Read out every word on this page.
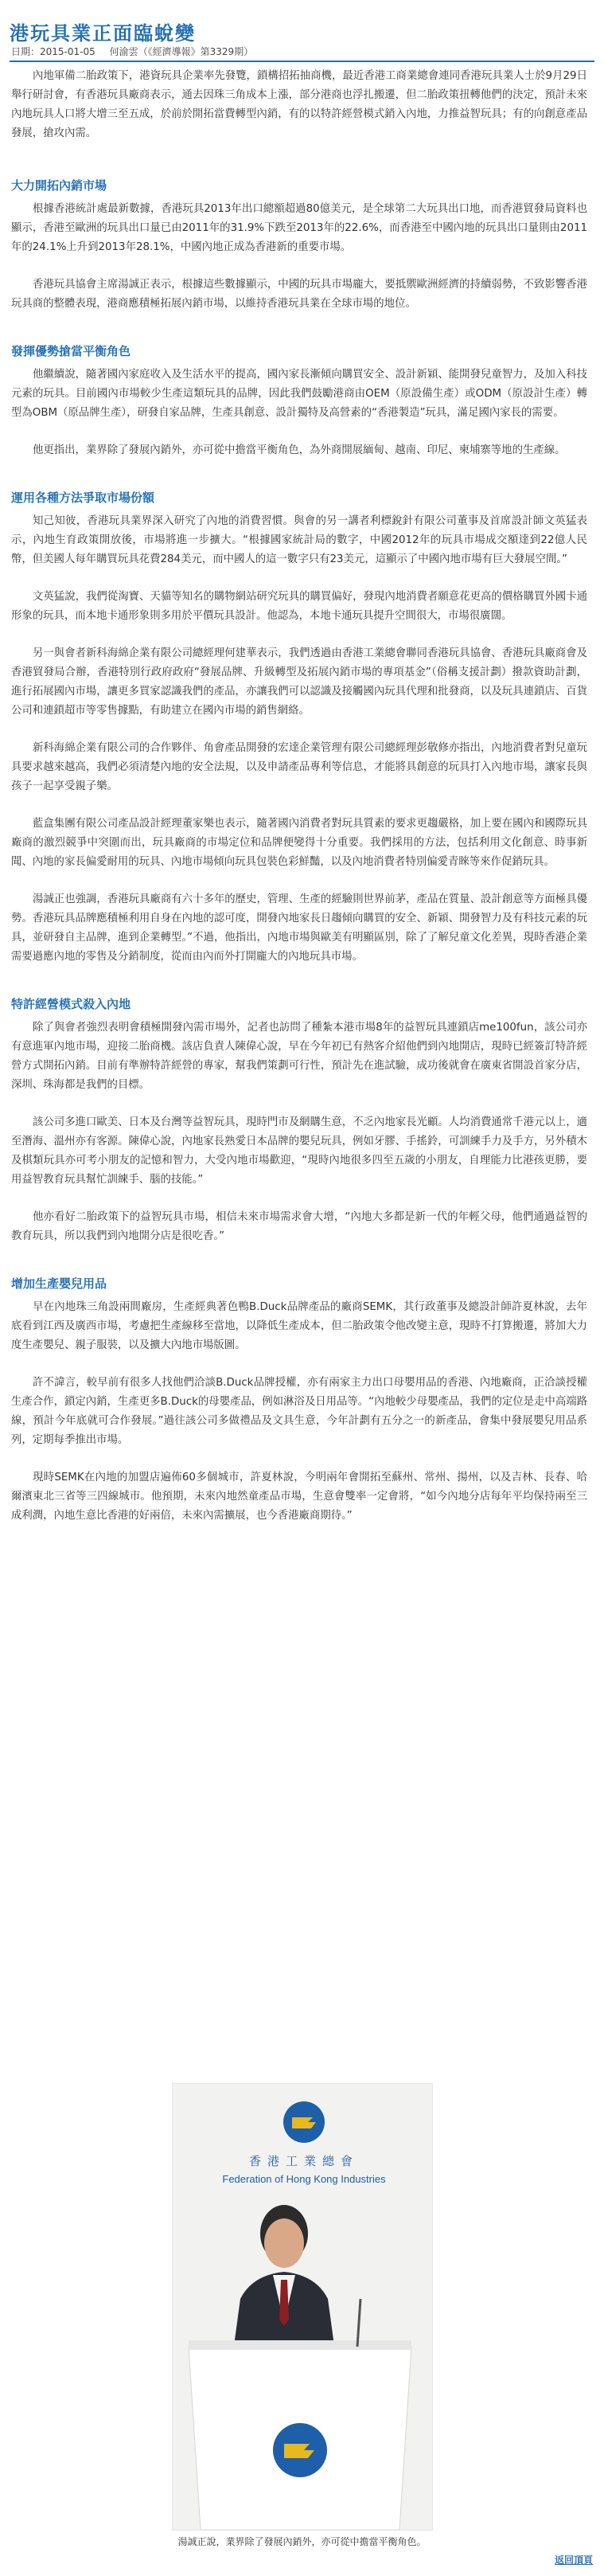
港玩具業正面臨蛻變
日期：2015-01-05 何渝雲（《經濟導報》第3329期）

內地軍備二胎政策下，港資玩具企業率先發覽，鎖構招拓抽商機，最近香港工商業總會連同香港玩具業人士於9月29日舉行研討會，有香港玩具廠商表示，通去因珠三角成本上漲，部分港商也浮扎搬遷，但二胎政策扭轉他們的決定，預計未來內地玩具人口將大增三至五成，於前於開拓當費轉型內銷，有的以特許經營模式銷入內地，力推益智玩具；有的向創意產品發展，搶攻內需。

大力開拓內銷市場

根據香港統計處最新數據，香港玩具2013年出口總額超過80億美元，是全球第二大玩具出口地，而香港貿發局資料也顯示，香港至歐洲的玩具出口量已由2011年的31.9%下跌至2013年的22.6%，而香港至中國內地的玩具出口量則由2011年的24.1%上升到2013年28.1%，中國內地正成為香港新的重要市場。

香港玩具協會主席湯誠正表示，根據這些數據顯示，中國的玩具市場龐大，要抵禦歐洲經濟的持續弱勢，不致影響香港玩具商的整體表現，港商應積極拓展內銷市場，以維持香港玩具業在全球市場的地位。

發揮優勢搶當平衡角色

他繼續說，隨著國內家庭收入及生活水平的提高，國內家長漸傾向購買安全、設計新穎、能開發兒童智力，及加入科技元素的玩具。目前國內市場較少生產這類玩具的品牌，因此我們鼓勵港商由OEM（原設備生產）或ODM（原設計生產）轉型為OBM（原品牌生產），研發自家品牌，生產具創意、設計獨特及高營素的“香港製造”玩具，滿足國內家長的需要。

他更指出，業界除了發展內銷外，亦可從中擔當平衡角色，為外商開展緬甸、越南、印尼、柬埔寨等地的生產線。

運用各種方法爭取市場份額

知己知彼，香港玩具業界深入研究了內地的消費習慣。與會的另一講者利標銳針有限公司董事及首席設計師文英猛表示，內地生育政策開放後，市場將進一步擴大。“根據國家統計局的數字，中國2012年的玩具市場成交額達到22億人民幣，但美國人每年購買玩具花費284美元，而中國人的這一數字只有23美元，這顯示了中國內地市場有巨大發展空間。”

文英猛說，我們從淘寶、天貓等知名的購物網站研究玩具的購買偏好，發現內地消費者願意花更高的價格購買外國卡通形象的玩具，而本地卡通形象則多用於平價玩具設計。他認為，本地卡通玩具提升空間很大，市場很廣闊。

另一與會者新科海綿企業有限公司總經理何建華表示，我們透過由香港工業總會聯同香港玩具協會、香港玩具廠商會及香港貿發局合辦，香港特別行政府政府“發展品牌、升級轉型及拓展內銷市場的專項基金”（俗稱支援計劃）撥款資助計劃，進行拓展國內市場，讓更多買家認識我們的產品，亦讓我們可以認識及接觸國內玩具代理和批發商，以及玩具連鎖店、百貨公司和連鎖超市等零售據點，有助建立在國內市場的銷售網絡。

新科海綿企業有限公司的合作夥伴、角會產品開發的宏達企業管理有限公司總經理彭敬修亦指出，內地消費者對兒童玩具要求越來越高，我們必須清楚內地的安全法規，以及申請產品專利等信息，才能將具創意的玩具打入內地市場，讓家長與孩子一起享受親子樂。

藍盒集團有限公司產品設計經理董家樂也表示，隨著國內消費者對玩具質素的要求更趨嚴格，加上要在國內和國際玩具廠商的激烈競爭中突圍而出，玩具廠商的市場定位和品牌便變得十分重要。我們採用的方法，包括利用文化創意、時事新聞、內地的家長偏愛耐用的玩具、內地市場傾向玩具包裝色彩鮮豔，以及內地消費者特別偏愛青睞等來作促銷玩具。

湯誠正也強調，香港玩具廠商有六十多年的歷史，管理、生產的經驗則世界前茅，產品在質量、設計創意等方面極具優勢。香港玩具品牌應積極利用自身在內地的認可度，開發內地家長日趨傾向購買的安全、新穎、開發智力及有科技元素的玩具，並研發自主品牌，進到企業轉型。”不過，他指出，內地市場與歐美有明顯區別，除了了解兒童文化差異，現時香港企業需要過應內地的零售及分銷制度，從而由內而外打開龐大的內地玩具市場。

特許經營模式殺入內地

除了與會者強烈表明會積極開發內需市場外，記者也訪問了種紮本港市場8年的益智玩具連鎖店me100fun，該公司亦有意進軍內地市場，迎接二胎商機。該店負責人陳偉心說，早在今年初已有熱客介紹他們到內地開店，現時已經簽訂特許經營方式開拓內銷。目前有準辦特許經營的專家，幫我們策劃可行性，預計先在進試驗，成功後就會在廣東省開設首家分店，深圳、珠海都是我們的目標。

該公司多進口歐美、日本及台灣等益智玩具，現時門市及網購生意，不乏內地家長光顧。人均消費通常千港元以上，適至潛海、溫州亦有客源。陳偉心說，內地家長熟愛日本品牌的嬰兒玩具，例如牙膠、手搖鈴，可訓練手力及手方，另外積木及棋類玩具亦可考小朋友的記憶和智力，大受內地市場歡迎，“現時內地很多四至五歲的小朋友，自理能力比港孩更勝，要用益智教育玩具幫忙訓練手、腦的技能。”

他亦看好二胎政策下的益智玩具市場，相信未來市場需求會大增，“內地大多都是新一代的年輕父母，他們通過益智的教育玩具，所以我們到內地開分店是很吃香。”

增加生產嬰兒用品

早在內地珠三角設兩間廠房，生產經典著色鴨B.Duck品牌產品的廠商SEMK，其行政董事及總設計師許夏林說，去年底看到江西及廣西市場，考慮把生產線移至當地，以降低生產成本，但二胎政策令他改變主意，現時不打算搬遷，將加大力度生產嬰兒、親子服裝，以及擴大內地市場版圖。

許不諱言，較早前有很多人找他們洽談B.Duck品牌授權，亦有兩家主力出口母嬰用品的香港、內地廠商，正洽談授權生產合作，鎖定內銷，生產更多B.Duck的母嬰產品，例如淋浴及日用品等。“內地較少母嬰產品，我們的定位是走中高端路線，預計今年底就可合作發展。”過往該公司多做禮品及文具生意，今年計劃有五分之一的新產品，會集中發展嬰兒用品系列，定期每季推出市場。

現時SEMK在內地的加盟店遍佈60多個城市，許夏林說，今明兩年會開拓至蘇州、常州、揚州，以及吉林、長春、哈爾濱東北三省等三四線城市。他預期，未來內地然童產品市場，生意會雙率一定會將，“如今內地分店每年平均保持兩至三成利潤，內地生意比香港的好兩倍，未來內需擴展，也今香港廠商期待。”

香港工業總會
Federation of Hong Kong Industries
湯誠正說，業界除了發展內銷外，亦可從中擔當平衡角色。
返回頂頁
